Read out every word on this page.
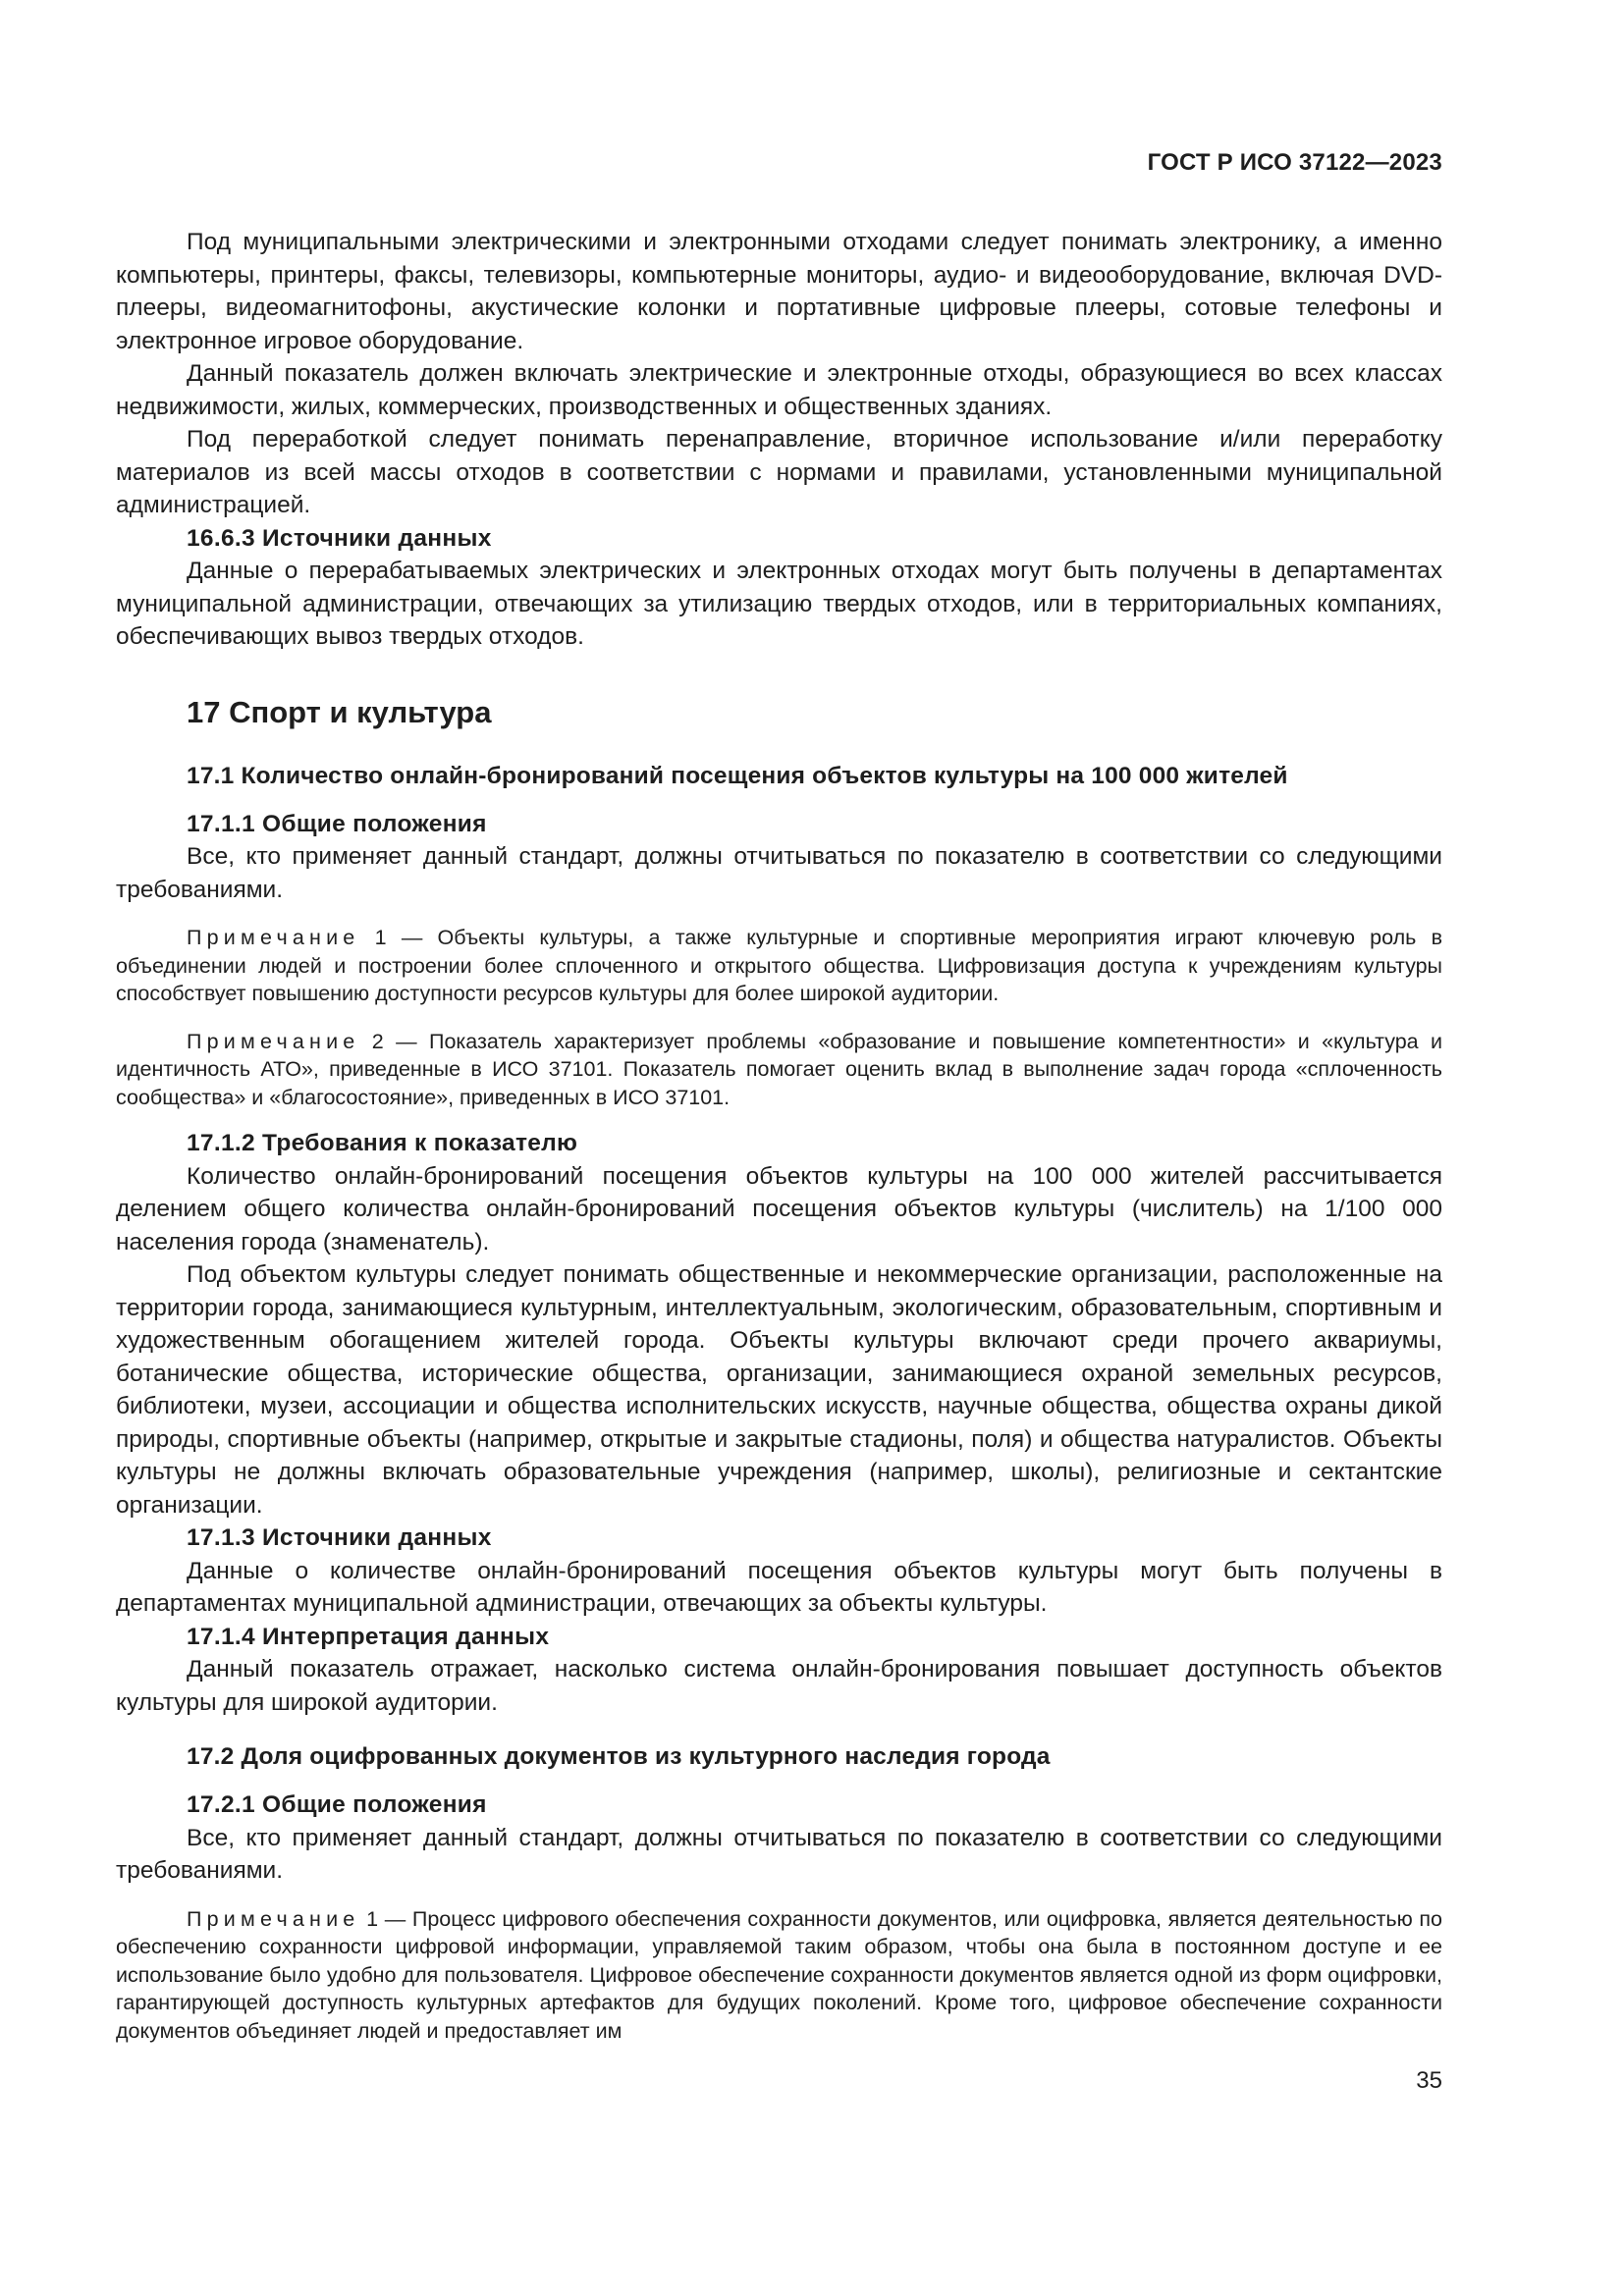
ГОСТ Р ИСО 37122—2023

Под муниципальными электрическими и электронными отходами следует понимать электронику, а именно компьютеры, принтеры, факсы, телевизоры, компьютерные мониторы, аудио- и видеооборудование, включая DVD-плееры, видеомагнитофоны, акустические колонки и портативные цифровые плееры, сотовые телефоны и электронное игровое оборудование.

Данный показатель должен включать электрические и электронные отходы, образующиеся во всех классах недвижимости, жилых, коммерческих, производственных и общественных зданиях.

Под переработкой следует понимать перенаправление, вторичное использование и/или переработку материалов из всей массы отходов в соответствии с нормами и правилами, установленными муниципальной администрацией.

16.6.3 Источники данных

Данные о перерабатываемых электрических и электронных отходах могут быть получены в департаментах муниципальной администрации, отвечающих за утилизацию твердых отходов, или в территориальных компаниях, обеспечивающих вывоз твердых отходов.

17 Спорт и культура

17.1 Количество онлайн-бронирований посещения объектов культуры на 100 000 жителей

17.1.1 Общие положения

Все, кто применяет данный стандарт, должны отчитываться по показателю в соответствии со следующими требованиями.

Примечание 1 — Объекты культуры, а также культурные и спортивные мероприятия играют ключевую роль в объединении людей и построении более сплоченного и открытого общества. Цифровизация доступа к учреждениям культуры способствует повышению доступности ресурсов культуры для более широкой аудитории.

Примечание 2 — Показатель характеризует проблемы «образование и повышение компетентности» и «культура и идентичность АТО», приведенные в ИСО 37101. Показатель помогает оценить вклад в выполнение задач города «сплоченность сообщества» и «благосостояние», приведенных в ИСО 37101.

17.1.2 Требования к показателю

Количество онлайн-бронирований посещения объектов культуры на 100 000 жителей рассчитывается делением общего количества онлайн-бронирований посещения объектов культуры (числитель) на 1/100 000 населения города (знаменатель).

Под объектом культуры следует понимать общественные и некоммерческие организации, расположенные на территории города, занимающиеся культурным, интеллектуальным, экологическим, образовательным, спортивным и художественным обогащением жителей города. Объекты культуры включают среди прочего аквариумы, ботанические общества, исторические общества, организации, занимающиеся охраной земельных ресурсов, библиотеки, музеи, ассоциации и общества исполнительских искусств, научные общества, общества охраны дикой природы, спортивные объекты (например, открытые и закрытые стадионы, поля) и общества натуралистов. Объекты культуры не должны включать образовательные учреждения (например, школы), религиозные и сектантские организации.

17.1.3 Источники данных

Данные о количестве онлайн-бронирований посещения объектов культуры могут быть получены в департаментах муниципальной администрации, отвечающих за объекты культуры.

17.1.4 Интерпретация данных

Данный показатель отражает, насколько система онлайн-бронирования повышает доступность объектов культуры для широкой аудитории.

17.2 Доля оцифрованных документов из культурного наследия города

17.2.1 Общие положения

Все, кто применяет данный стандарт, должны отчитываться по показателю в соответствии со следующими требованиями.

Примечание 1 — Процесс цифрового обеспечения сохранности документов, или оцифровка, является деятельностью по обеспечению сохранности цифровой информации, управляемой таким образом, чтобы она была в постоянном доступе и ее использование было удобно для пользователя. Цифровое обеспечение сохранности документов является одной из форм оцифровки, гарантирующей доступность культурных артефактов для будущих поколений. Кроме того, цифровое обеспечение сохранности документов объединяет людей и предоставляет им

35
